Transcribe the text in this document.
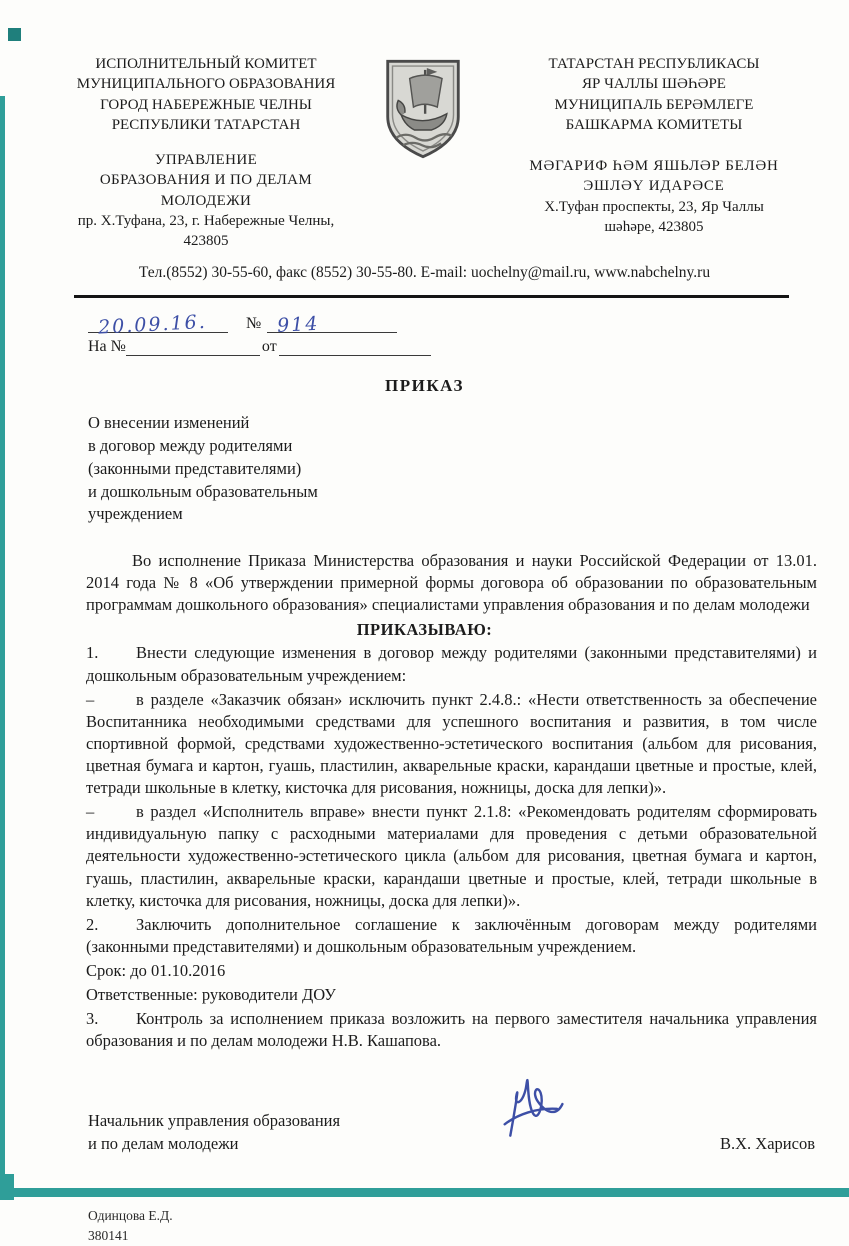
ИСПОЛНИТЕЛЬНЫЙ КОМИТЕТ
МУНИЦИПАЛЬНОГО ОБРАЗОВАНИЯ
ГОРОД НАБЕРЕЖНЫЕ ЧЕЛНЫ
РЕСПУБЛИКИ ТАТАРСТАН
УПРАВЛЕНИЕ
ОБРАЗОВАНИЯ И ПО ДЕЛАМ МОЛОДЕЖИ
пр. Х.Туфана, 23, г. Набережные Челны,
423805
ТАТАРСТАН РЕСПУБЛИКАСЫ
ЯР ЧАЛЛЫ ШӘҺӘРЕ
МУНИЦИПАЛЬ БЕРӘМЛЕГЕ
БАШКАРМА КОМИТЕТЫ
МӘГАРИФ ҺӘМ ЯШЬЛӘР БЕЛӘН
ЭШЛӘҮ ИДАРӘСЕ
Х.Туфан проспекты, 23, Яр Чаллы
шәһәре, 423805
Тел.(8552) 30-55-60, факс (8552) 30-55-80. E-mail: uochelny@mail.ru, www.nabchelny.ru
20.09.16. № 914
На №	от
ПРИКАЗ
О внесении изменений
в договор между родителями
(законными представителями)
и дошкольным образовательным
учреждением
Во исполнение Приказа Министерства образования и науки Российской Федерации от 13.01. 2014 года № 8 «Об утверждении примерной формы договора об образовании по образовательным программам дошкольного образования» специалистами управления образования и по делам молодежи
ПРИКАЗЫВАЮ:

1. Внести следующие изменения в договор между родителями (законными представителями) и дошкольным образовательным учреждением:

–	в разделе «Заказчик обязан» исключить пункт 2.4.8.: «Нести ответственность за обеспечение Воспитанника необходимыми средствами для успешного воспитания и развития, в том числе спортивной формой, средствами художественно-эстетического воспитания (альбом для рисования, цветная бумага и картон, гуашь, пластилин, акварельные краски, карандаши цветные и простые, клей, тетради школьные в клетку, кисточка для рисования, ножницы, доска для лепки)».

–	в раздел «Исполнитель вправе» внести пункт 2.1.8: «Рекомендовать родителям сформировать индивидуальную папку с расходными материалами для проведения с детьми образовательной деятельности художественно-эстетического цикла (альбом для рисования, цветная бумага и картон, гуашь, пластилин, акварельные краски, карандаши цветные и простые, клей, тетради школьные в клетку, кисточка для рисования, ножницы, доска для лепки)».

2. Заключить дополнительное соглашение к заключённым договорам между родителями (законными представителями) и дошкольным образовательным учреждением.

Срок: до 01.10.2016
Ответственные: руководители ДОУ

3. Контроль за исполнением приказа возложить на первого заместителя начальника управления образования и по делам молодежи Н.В. Кашапова.

Начальник управления образования
и по делам молодежи	В.Х. Харисов
Одинцова Е.Д.
380141
